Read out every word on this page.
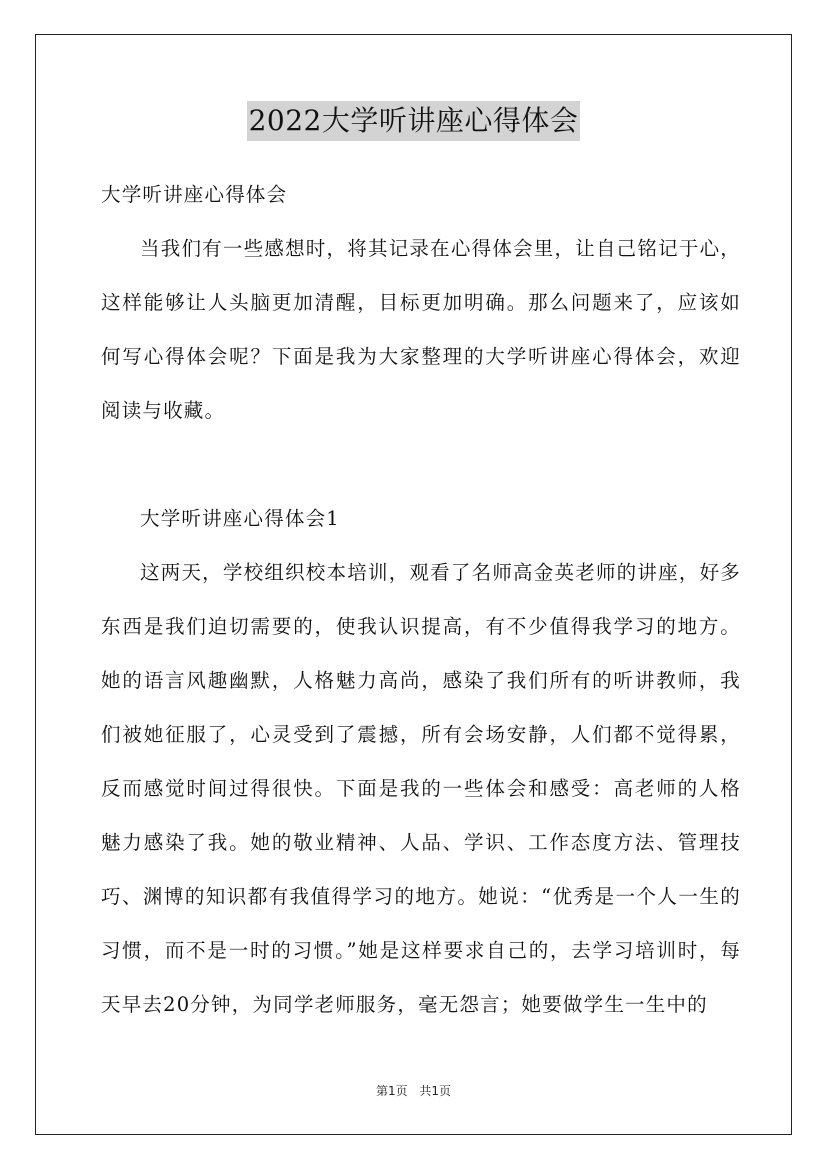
2022大学听讲座心得体会

大学听讲座心得体会

当我们有一些感想时，将其记录在心得体会里，让自己铭记于心，这样能够让人头脑更加清醒，目标更加明确。那么问题来了，应该如何写心得体会呢？下面是我为大家整理的大学听讲座心得体会，欢迎阅读与收藏。

大学听讲座心得体会1

这两天，学校组织校本培训，观看了名师高金英老师的讲座，好多东西是我们迫切需要的，使我认识提高，有不少值得我学习的地方。她的语言风趣幽默，人格魅力高尚，感染了我们所有的听讲教师，我们被她征服了，心灵受到了震撼，所有会场安静，人们都不觉得累，反而感觉时间过得很快。下面是我的一些体会和感受：高老师的人格魅力感染了我。她的敬业精神、人品、学识、工作态度方法、管理技巧、渊博的知识都有我值得学习的地方。她说：“优秀是一个人一生的习惯，而不是一时的习惯。”她是这样要求自己的，去学习培训时，每天早去20分钟，为同学老师服务，毫无怨言；她要做学生一生中的

第1页 共1页
